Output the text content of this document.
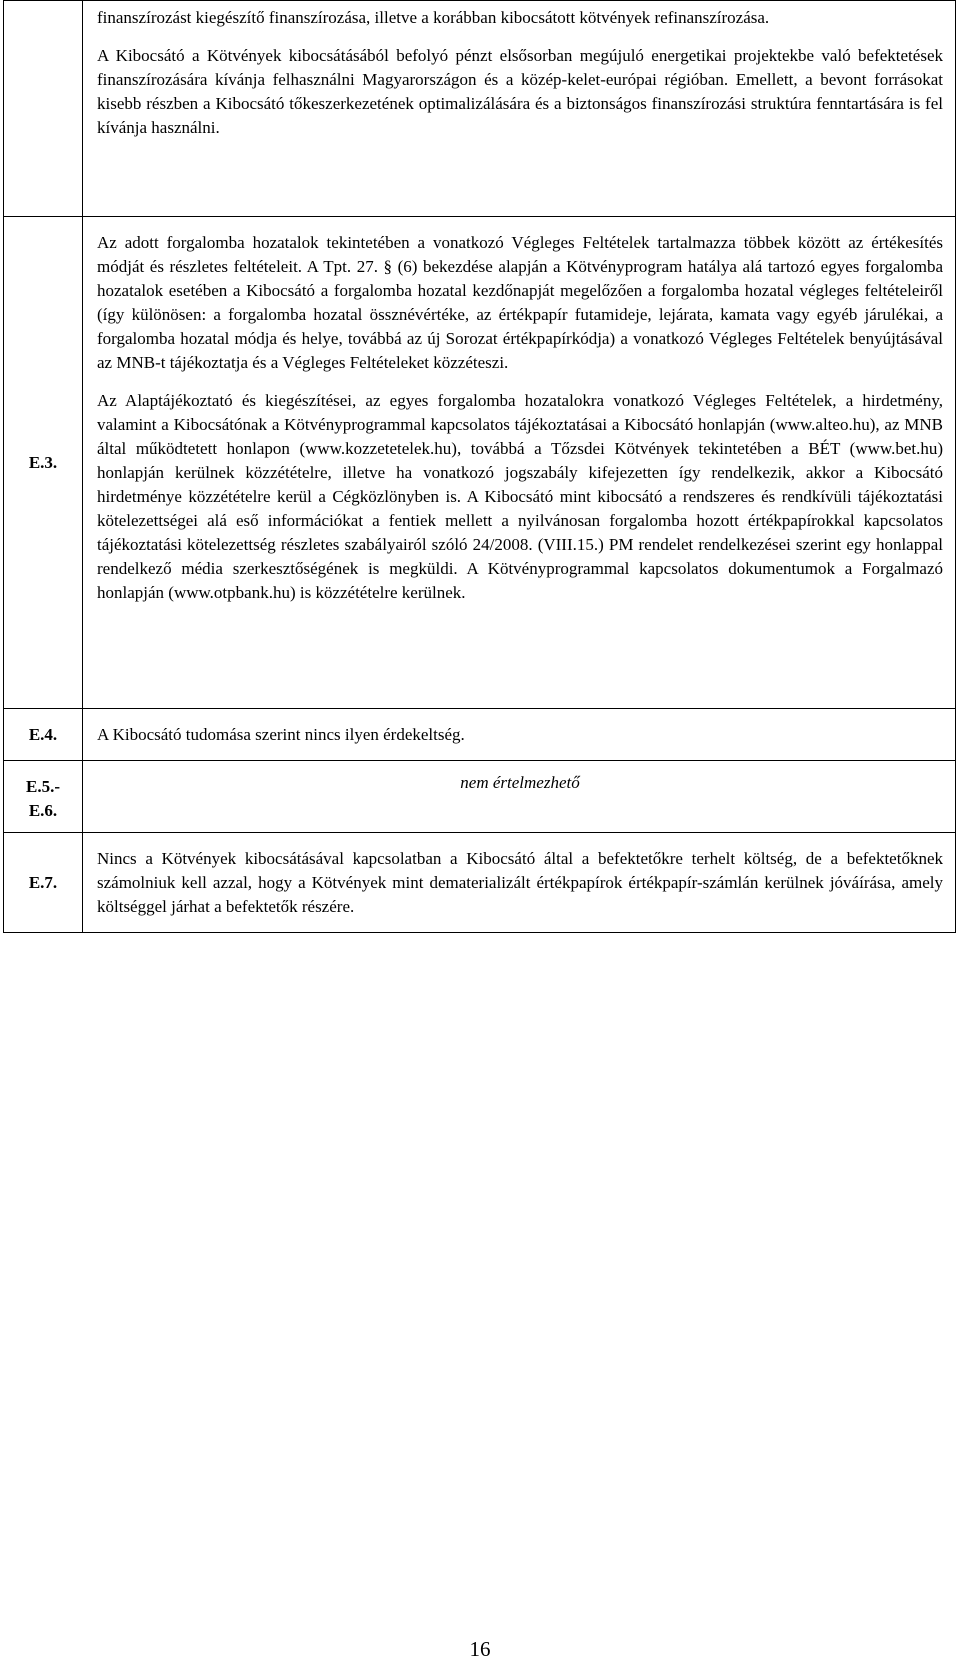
	finanszírozást kiegészítő finanszírozása, illetve a korábban kibocsátott kötvények refinanszírozása.

A Kibocsátó a Kötvények kibocsátásából befolyó pénzt elsősorban megújuló energetikai projektekbe való befektetések finanszírozására kívánja felhasználni Magyarországon és a közép-kelet-európai régióban. Emellett, a bevont forrásokat kisebb részben a Kibocsátó tőkeszerkezetének optimalizálására és a biztonságos finanszírozási struktúra fenntartására is fel kívánja használni.

E.3.	Az adott forgalomba hozatalok tekintetében a vonatkozó Végleges Feltételek tartalmazza többek között az értékesítés módját és részletes feltételeit. A Tpt. 27. § (6) bekezdése alapján a Kötvényprogram hatálya alá tartozó egyes forgalomba hozatalok esetében a Kibocsátó a forgalomba hozatal kezdőnapját megelőzően a forgalomba hozatal végleges feltételeiről (így különösen: a forgalomba hozatal össznévértéke, az értékpapír futamideje, lejárata, kamata vagy egyéb járulékai, a forgalomba hozatal módja és helye, továbbá az új Sorozat értékpapírkódja) a vonatkozó Végleges Feltételek benyújtásával az MNB-t tájékoztatja és a Végleges Feltételeket közzéteszi.

Az Alaptájékoztató és kiegészítései, az egyes forgalomba hozatalokra vonatkozó Végleges Feltételek, a hirdetmény, valamint a Kibocsátónak a Kötvényprogrammal kapcsolatos tájékoztatásai a Kibocsátó honlapján (www.alteo.hu), az MNB által működtetett honlapon (www.kozzetetelek.hu), továbbá a Tőzsdei Kötvények tekintetében a BÉT (www.bet.hu) honlapján kerülnek közzétételre, illetve ha vonatkozó jogszabály kifejezetten így rendelkezik, akkor a Kibocsátó hirdetménye közzétételre kerül a Cégközlönyben is. A Kibocsátó mint kibocsátó a rendszeres és rendkívüli tájékoztatási kötelezettségei alá eső információkat a fentiek mellett a nyilvánosan forgalomba hozott értékpapírokkal kapcsolatos tájékoztatási kötelezettség részletes szabályairól szóló 24/2008. (VIII.15.) PM rendelet rendelkezései szerint egy honlappal rendelkező média szerkesztőségének is megküldi. A Kötvényprogrammal kapcsolatos dokumentumok a Forgalmazó honlapján (www.otpbank.hu) is közzétételre kerülnek.

E.4.	A Kibocsátó tudomása szerint nincs ilyen érdekeltség.

E.5.- E.6.	nem értelmezhető

E.7.	Nincs a Kötvények kibocsátásával kapcsolatban a Kibocsátó által a befektetőkre terhelt költség, de a befektetőknek számolniuk kell azzal, hogy a Kötvények mint dematerializált értékpapírok értékpapír-számlán kerülnek jóváírása, amely költséggel járhat a befektetők részére.

16
